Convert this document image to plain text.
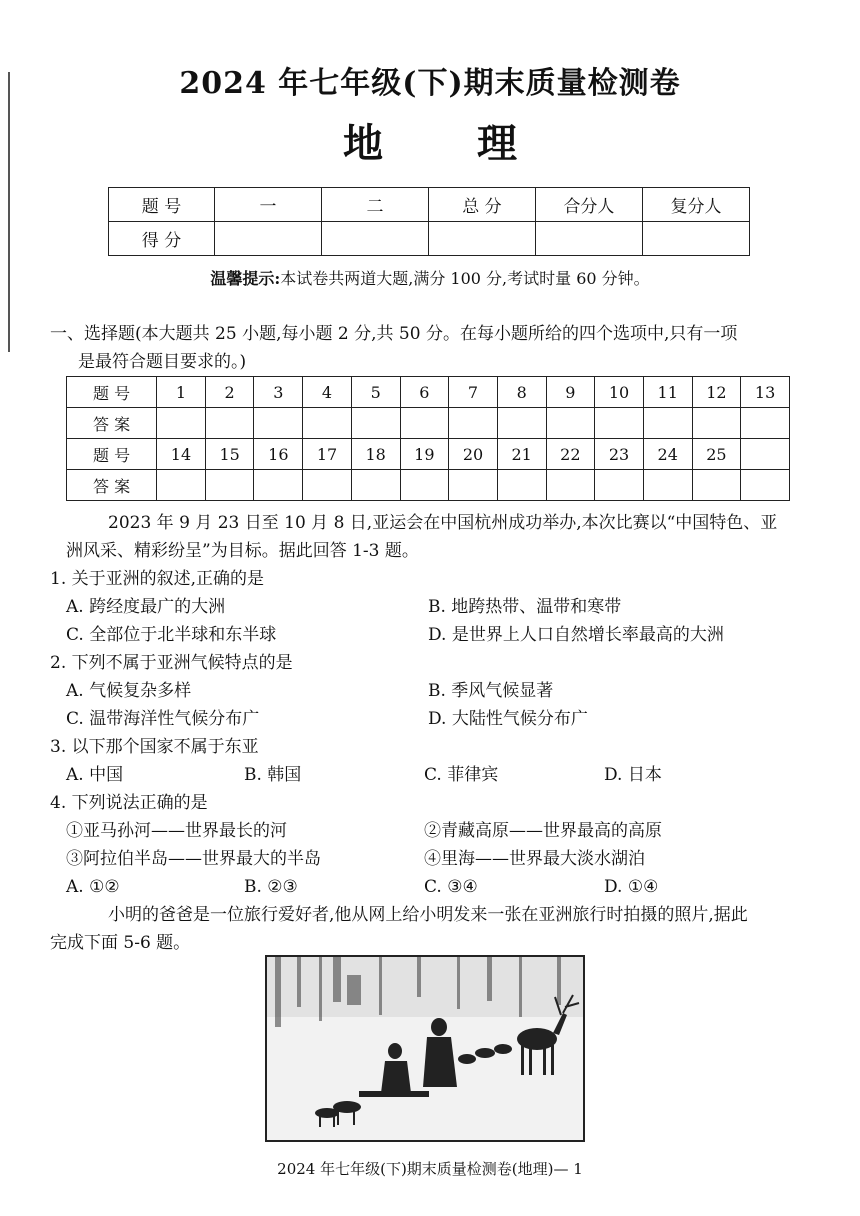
2024 年七年级(下)期末质量检测卷
地 理
题 号	一	二	总 分	合分人	复分人
得 分					
温馨提示:本试卷共两道大题,满分 100 分,考试时量 60 分钟。
一、选择题(本大题共 25 小题,每小题 2 分,共 50 分。在每小题所给的四个选项中,只有一项
是最符合题目要求的。)
题 号	1	2	3	4	5	6	7	8	9	10	11	12	13
答 案													
题 号	14	15	16	17	18	19	20	21	22	23	24	25	
答 案													
2023 年 9 月 23 日至 10 月 8 日,亚运会在中国杭州成功举办,本次比赛以“中国特色、亚
洲风采、精彩纷呈”为目标。据此回答 1-3 题。
1. 关于亚洲的叙述,正确的是
A. 跨经度最广的大洲	B. 地跨热带、温带和寒带
C. 全部位于北半球和东半球	D. 是世界上人口自然增长率最高的大洲
2. 下列不属于亚洲气候特点的是
A. 气候复杂多样	B. 季风气候显著
C. 温带海洋性气候分布广	D. 大陆性气候分布广
3. 以下那个国家不属于东亚
A. 中国	B. 韩国	C. 菲律宾	D. 日本
4. 下列说法正确的是
①亚马孙河——世界最长的河	②青藏高原——世界最高的高原
③阿拉伯半岛——世界最大的半岛	④里海——世界最大淡水湖泊
A. ①②	B. ②③	C. ③④	D. ①④
小明的爸爸是一位旅行爱好者,他从网上给小明发来一张在亚洲旅行时拍摄的照片,据此
完成下面 5-6 题。
2024 年七年级(下)期末质量检测卷(地理)— 1
